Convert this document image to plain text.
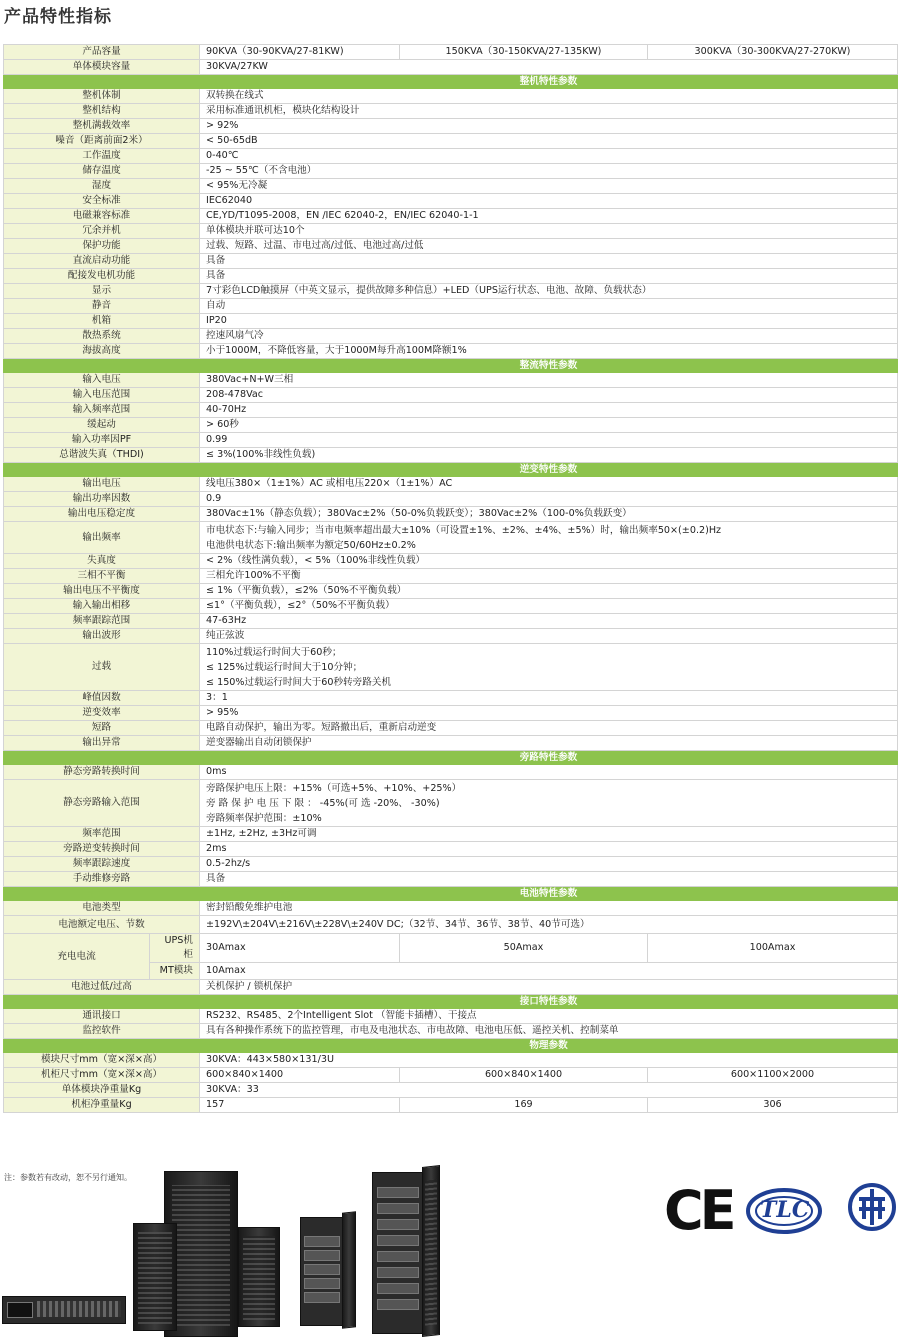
产品特性指标
产品容量		90KVA（30-90KVA/27-81KW)	150KVA（30-150KVA/27-135KW)	300KVA（30-300KVA/27-270KW)
单体模块容量		30KVA/27KW		
		整机特性参数		
整机体制		双转换在线式		
整机结构		采用标准通讯机柜，模块化结构设计		
整机满载效率		> 92%		
噪音（距离前面2米）		< 50-65dB		
工作温度		0-40℃		
储存温度		-25 ~ 55℃（不含电池）		
湿度		< 95%无冷凝		
安全标准		IEC62040		
电磁兼容标准		CE,YD/T1095-2008，EN /IEC 62040-2，EN/IEC 62040-1-1		
冗余并机		单体模块并联可达10个		
保护功能		过载、短路、过温、市电过高/过低、电池过高/过低		
直流启动功能		具备		
配接发电机功能		具备		
显示		7寸彩色LCD触摸屏（中英文显示，提供故障多种信息）+LED（UPS运行状态、电池、故障、负载状态）		
静音		自动		
机箱		IP20		
散热系统		控速风扇气冷		
海拔高度		小于1000M，不降低容量，大于1000M每升高100M降额1%		
		整流特性参数		
输入电压		380Vac+N+W三相		
输入电压范围		208-478Vac		
输入频率范围		40-70Hz		
缓起动		> 60秒		
输入功率因PF		0.99		
总谐波失真（THDI)		≤ 3%(100%非线性负载)		
		逆变特性参数		
输出电压		线电压380×（1±1%）AC 或相电压220×（1±1%）AC		
输出功率因数		0.9		
输出电压稳定度		380Vac±1%（静态负载）；380Vac±2%（50-0%负载跃变）；380Vac±2%（100-0%负载跃变）		
输出频率		市电状态下:与输入同步；当市电频率超出最大±10%（可设置±1%、±2%、±4%、±5%）时，输出频率50×(±0.2)Hz
电池供电状态下:输出频率为额定50/60Hz±0.2%		

失真度		< 2%（线性满负载），< 5%（100%非线性负载）		
三相不平衡		三相允许100%不平衡		
输出电压不平衡度		≤ 1%（平衡负载），≤2%（50%不平衡负载）		
输入输出相移		≤1°（平衡负载），≤2°（50%不平衡负载）		
频率跟踪范围		47-63Hz		
输出波形		纯正弦波		
过载		110%过载运行时间大于60秒；
≤ 125%过载运行时间大于10分钟；
≤ 150%过载运行时间大于60秒转旁路关机		

峰值因数		3：1		
逆变效率		> 95%		
短路		电路自动保护，输出为零。短路撤出后，重新启动逆变		
输出异常		逆变器输出自动闭锁保护		
		旁路特性参数		
静态旁路转换时间		0ms		
静态旁路输入范围		旁路保护电压上限：+15%（可选+5%、+10%、+25%）
旁 路 保 护 电 压 下 限 ： -45%(可 选 -20%、 -30%)
旁路频率保护范围：±10%		

频率范围		±1Hz, ±2Hz, ±3Hz可调		
旁路逆变转换时间		2ms		
频率跟踪速度		0.5-2hz/s		
手动维修旁路		具备		
		电池特性参数		
电池类型		密封铅酸免维护电池		
电池额定电压、节数		±192V\±204V\±216V\±228V\±240V DC;（32节、34节、36节、38节、40节可选）		
充电电流	UPS机柜	30Amax	50Amax	100Amax
	MT模块	10Amax		
电池过低/过高		关机保护 / 锁机保护		
		接口特性参数		
通讯接口		RS232、RS485、2个Intelligent Slot （智能卡插槽）、干接点		
监控软件		具有各种操作系统下的监控管理，市电及电池状态、市电故障、电池电压低、遥控关机、控制菜单		
		物理参数		
模块尺寸mm（宽×深×高）		30KVA：443×580×131/3U		
机柜尺寸mm（宽×深×高）		600×840×1400	600×840×1400	600×1100×2000
单体模块净重量Kg		30KVA：33		
机柜净重量Kg		157	169	306
注：参数若有改动，恕不另行通知。
CE TLC
